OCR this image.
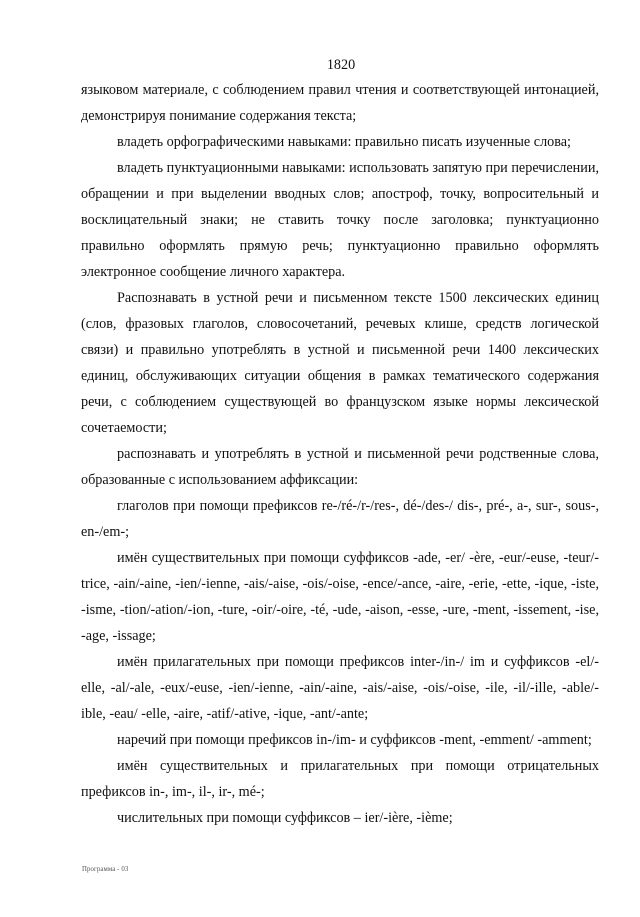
1820

языковом материале, с соблюдением правил чтения и соответствующей интонацией, демонстрируя понимание содержания текста;

владеть орфографическими навыками: правильно писать изученные слова;

владеть пунктуационными навыками: использовать запятую при перечислении, обращении и при выделении вводных слов; апостроф, точку, вопросительный и восклицательный знаки; не ставить точку после заголовка; пунктуационно правильно оформлять прямую речь; пунктуационно правильно оформлять электронное сообщение личного характера.

Распознавать в устной речи и письменном тексте 1500 лексических единиц (слов, фразовых глаголов, словосочетаний, речевых клише, средств логической связи) и правильно употреблять в устной и письменной речи 1400 лексических единиц, обслуживающих ситуации общения в рамках тематического содержания речи, с соблюдением существующей во французском языке нормы лексической сочетаемости;

распознавать и употреблять в устной и письменной речи родственные слова, образованные с использованием аффиксации:

глаголов при помощи префиксов re-/ré-/r-/res-, dé-/des-/ dis-, pré-, a-, sur-, sous-, en-/em-;

имён существительных при помощи суффиксов -ade, -er/ -ère, -eur/-euse, -teur/-trice, -ain/-aine, -ien/-ienne, -ais/-aise, -ois/-oise, -ence/-ance, -aire, -erie, -ette, -ique, -iste, -isme, -tion/-ation/-ion, -ture, -oir/-oire, -té, -ude, -aison, -esse, -ure, -ment, -issement, -ise, -age, -issage;

имён прилагательных при помощи префиксов inter-/in-/ im и суффиксов -el/-elle, -al/-ale, -eux/-euse, -ien/-ienne, -ain/-aine, -ais/-aise, -ois/-oise, -ile, -il/-ille, -able/-ible, -eau/ -elle, -aire, -atif/-ative, -ique, -ant/-ante;

наречий при помощи префиксов in-/im- и суффиксов -ment, -emment/ -amment;

имён существительных и прилагательных при помощи отрицательных префиксов in-, im-, il-, ir-, mé-;

числительных при помощи суффиксов – ier/-ière, -ième;

Программа - 03
